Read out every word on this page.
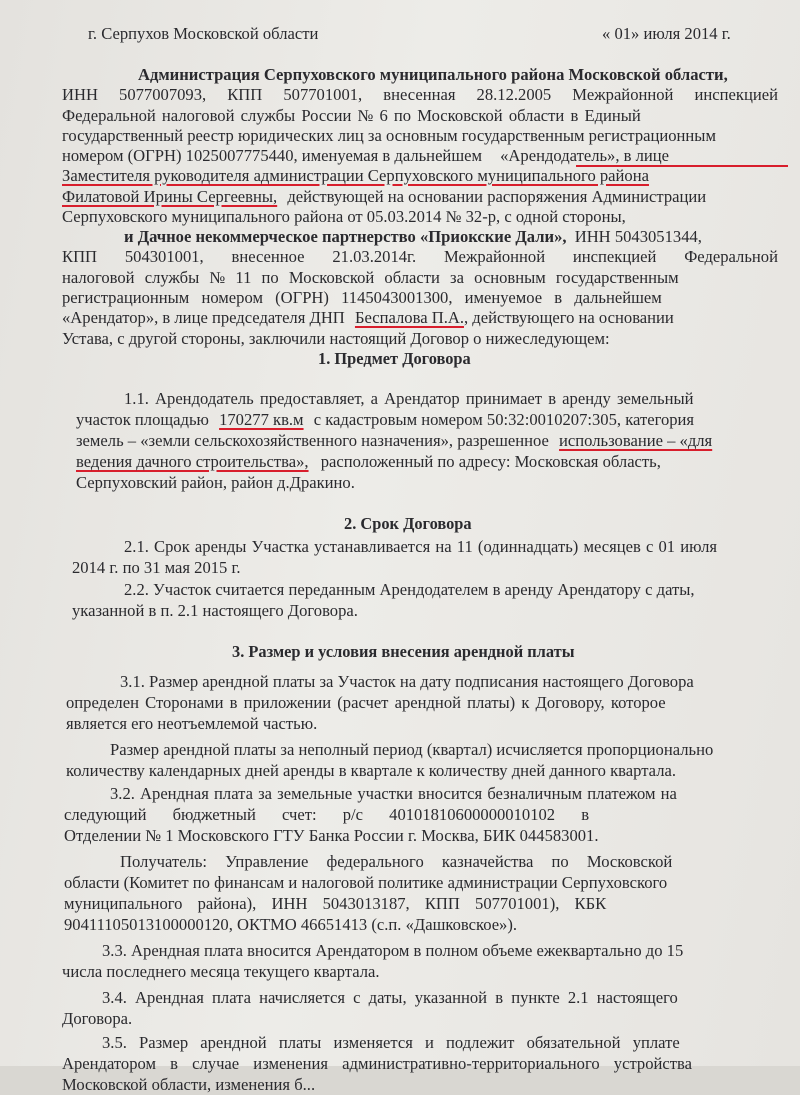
г. Серпухов Московской области	« 01» июля 2014 г.
Администрация Серпуховского муниципального района Московской области,
ИНН 5077007093, КПП 507701001, внесенная 28.12.2005 Межрайонной инспекцией
Федеральной налоговой службы России № 6 по Московской области в Единый
государственный реестр юридических лиц за основным государственным регистрационным
номером (ОГРН) 1025007775440, именуемая в дальнейшем «Арендодатель», в лице
Заместителя руководителя администрации Серпуховского муниципального района
Филатовой Ирины Сергеевны, действующей на основании распоряжения Администрации
Серпуховского муниципального района от 05.03.2014 № 32-р, с одной стороны,
и Дачное некоммерческое партнерство «Приокские Дали», ИНН 5043051344,
КПП 504301001, внесенное 21.03.2014г. Межрайонной инспекцией Федеральной
налоговой службы № 11 по Московской области за основным государственным
регистрационным номером (ОГРН) 1145043001300, именуемое в дальнейшем
«Арендатор», в лице председателя ДНП Беспалова П.А., действующего на основании
Устава, с другой стороны, заключили настоящий Договор о нижеследующем:
1. Предмет Договора
1.1. Арендодатель предоставляет, а Арендатор принимает в аренду земельный
участок площадью 170277 кв.м с кадастровым номером 50:32:0010207:305, категория
земель – «земли сельскохозяйственного назначения», разрешенное использование – «для
ведения дачного строительства», расположенный по адресу: Московская область,
Серпуховский район, район д.Дракино.
2. Срок Договора
2.1. Срок аренды Участка устанавливается на 11 (одиннадцать) месяцев с 01 июля
2014 г. по 31 мая 2015 г.
2.2. Участок считается переданным Арендодателем в аренду Арендатору с даты,
указанной в п. 2.1 настоящего Договора.
3. Размер и условия внесения арендной платы
3.1. Размер арендной платы за Участок на дату подписания настоящего Договора
определен Сторонами в приложении (расчет арендной платы) к Договору, которое
является его неотъемлемой частью.
Размер арендной платы за неполный период (квартал) исчисляется пропорционально
количеству календарных дней аренды в квартале к количеству дней данного квартала.
3.2. Арендная плата за земельные участки вносится безналичным платежом на
следующий бюджетный счет: р/с 40101810600000010102 в
Отделении № 1 Московского ГТУ Банка России г. Москва, БИК 044583001.
Получатель: Управление федерального казначейства по Московской
области (Комитет по финансам и налоговой политике администрации Серпуховского
муниципального района), ИНН 5043013187, КПП 507701001), КБК
90411105013100000120, ОКТМО 46651413 (с.п. «Дашковское»).
3.3. Арендная плата вносится Арендатором в полном объеме ежеквартально до 15
числа последнего месяца текущего квартала.
3.4. Арендная плата начисляется с даты, указанной в пункте 2.1 настоящего
Договора.
3.5. Размер арендной платы изменяется и подлежит обязательной уплате
Арендатором в случае изменения административно-территориального устройства
Московской области, изменения б...
